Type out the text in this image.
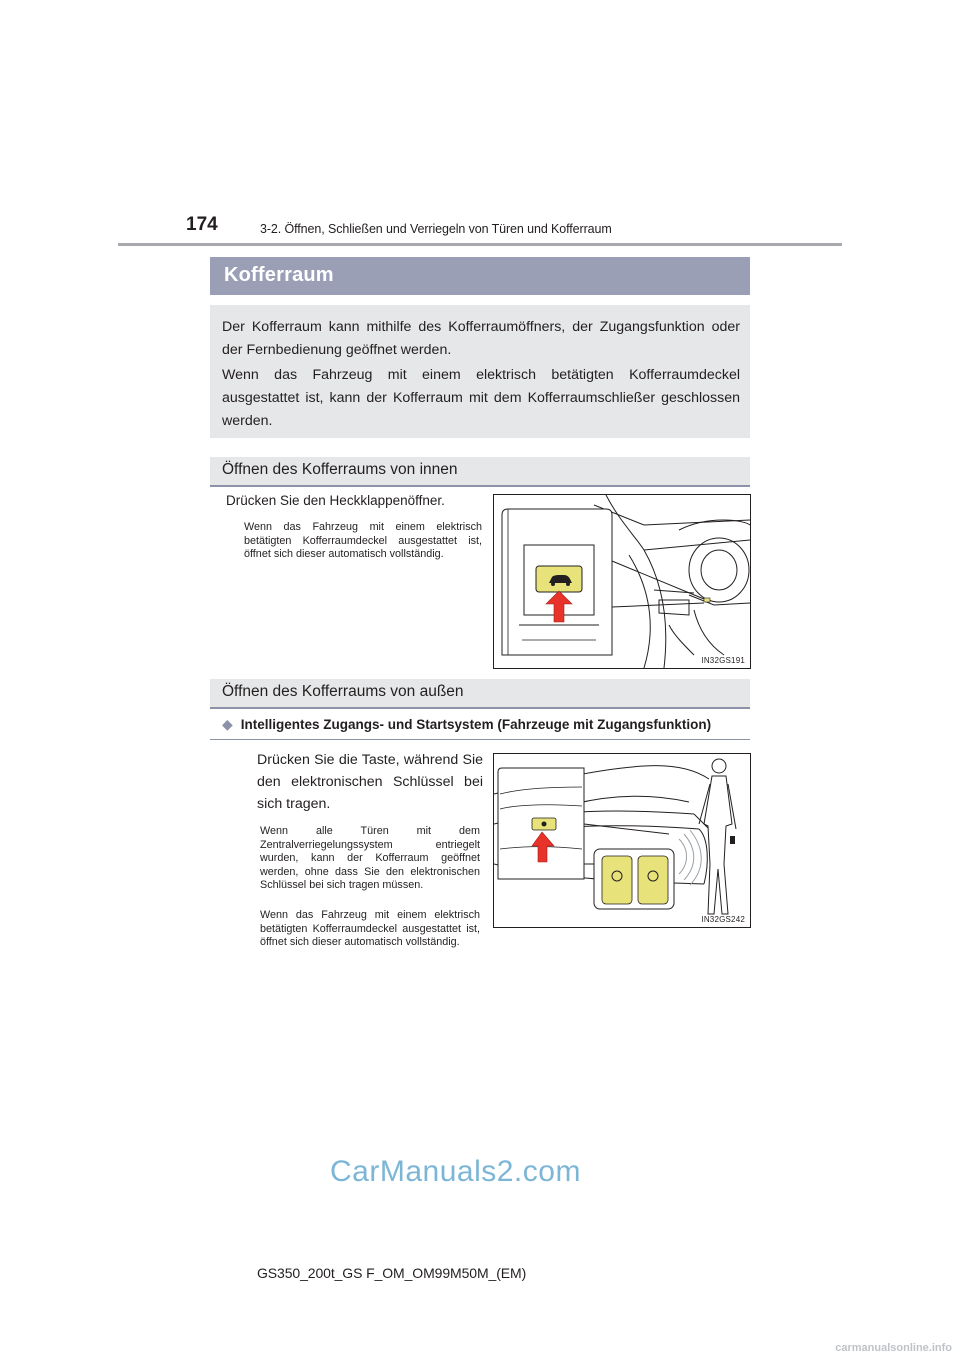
174	3-2. Öffnen, Schließen und Verriegeln von Türen und Kofferraum
Kofferraum
Der Kofferraum kann mithilfe des Kofferraumöffners, der Zugangsfunktion oder der Fernbedienung geöffnet werden.
Wenn das Fahrzeug mit einem elektrisch betätigten Kofferraumdeckel ausgestattet ist, kann der Kofferraum mit dem Kofferraumschließer geschlossen werden.
Öffnen des Kofferraums von innen
Drücken Sie den Heckklappenöffner.
Wenn das Fahrzeug mit einem elektrisch betätigten Kofferraumdeckel ausgestattet ist, öffnet sich dieser automatisch vollständig.
IN32GS191
Öffnen des Kofferraums von außen
◆ Intelligentes Zugangs- und Startsystem (Fahrzeuge mit Zugangsfunktion)
Drücken Sie die Taste, während Sie den elektronischen Schlüssel bei sich tragen.
Wenn alle Türen mit dem Zentralverriegelungssystem entriegelt wurden, kann der Kofferraum geöffnet werden, ohne dass Sie den elektronischen Schlüssel bei sich tragen müssen.
Wenn das Fahrzeug mit einem elektrisch betätigten Kofferraumdeckel ausgestattet ist, öffnet sich dieser automatisch vollständig.
IN32GS242
CarManuals2.com
GS350_200t_GS F_OM_OM99M50M_(EM)
carmanualsonline.info
